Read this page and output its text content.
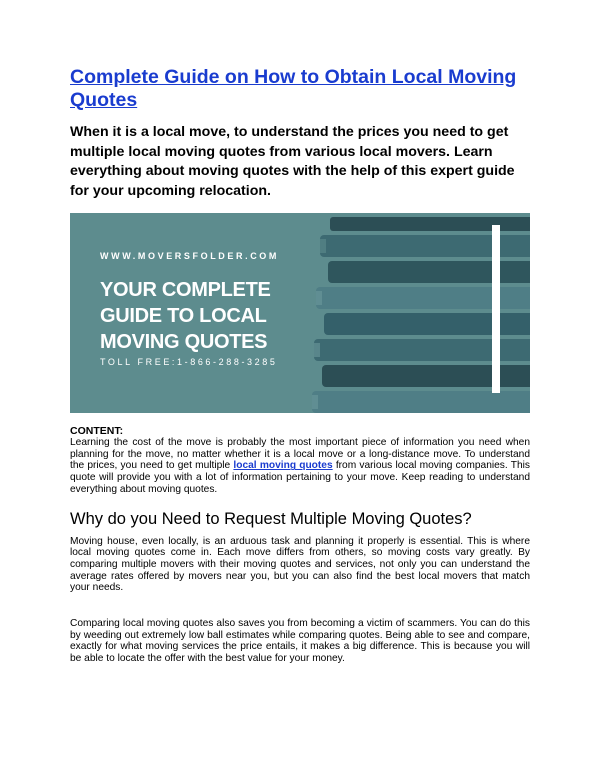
Complete Guide on How to Obtain Local Moving Quotes
When it is a local move, to understand the prices you need to get multiple local moving quotes from various local movers. Learn everything about moving quotes with the help of this expert guide for your upcoming relocation.
WWW.MOVERSFOLDER.COM
YOUR COMPLETE
GUIDE TO LOCAL
MOVING QUOTES
TOLL FREE:1-866-288-3285
CONTENT:

Learning the cost of the move is probably the most important piece of information you need when planning for the move, no matter whether it is a local move or a long-distance move. To understand the prices, you need to get multiple local moving quotes from various local moving companies. This quote will provide you with a lot of information pertaining to your move. Keep reading to understand everything about moving quotes.

Why do you Need to Request Multiple Moving Quotes?

Moving house, even locally, is an arduous task and planning it properly is essential. This is where local moving quotes come in. Each move differs from others, so moving costs vary greatly. By comparing multiple movers with their moving quotes and services, not only you can understand the average rates offered by movers near you, but you can also find the best local movers that match your needs.

Comparing local moving quotes also saves you from becoming a victim of scammers. You can do this by weeding out extremely low ball estimates while comparing quotes. Being able to see and compare, exactly for what moving services the price entails, it makes a big difference. This is because you will be able to locate the offer with the best value for your money.
